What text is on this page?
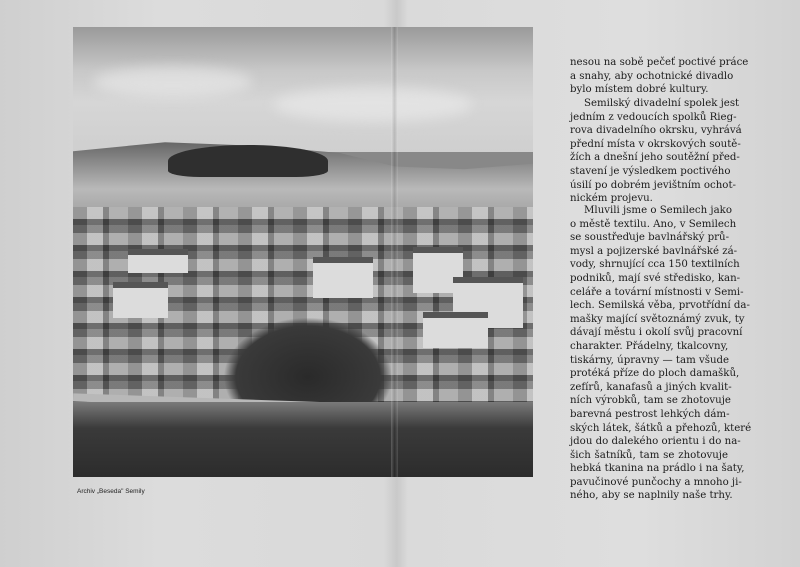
Archiv „Beseda" Semily
nesou na sobě pečeť poctivé práce
a snahy, aby ochotnické divadlo
bylo místem dobré kultury.
Semilský divadelní spolek jest
jedním z vedoucích spolků Rieg-
rova divadelního okrsku, vyhrává
přední místa v okrskových soutě-
žích a dnešní jeho soutěžní před-
stavení je výsledkem poctivého
úsilí po dobrém jevištním ochot-
nickém projevu.
Mluvili jsme o Semilech jako
o městě textilu. Ano, v Semilech
se soustřeďuje bavlnářský prů-
mysl a pojizerské bavlnářské zá-
vody, shrnující cca 150 textilních
podniků, mají své středisko, kan-
celáře a tovární místnosti v Semi-
lech. Semilská věba, prvotřídní da-
mašky mající světoznámý zvuk, ty
dávají městu i okolí svůj pracovní
charakter. Přádelny, tkalcovny,
tiskárny, úpravny — tam všude
protéká příze do ploch damašků,
zefírů, kanafasů a jiných kvalit-
ních výrobků, tam se zhotovuje
barevná pestrost lehkých dám-
ských látek, šátků a přehozů, které
jdou do dalekého orientu i do na-
šich šatníků, tam se zhotovuje
hebká tkanina na prádlo i na šaty,
pavučinové punčochy a mnoho ji-
ného, aby se naplnily naše trhy.
